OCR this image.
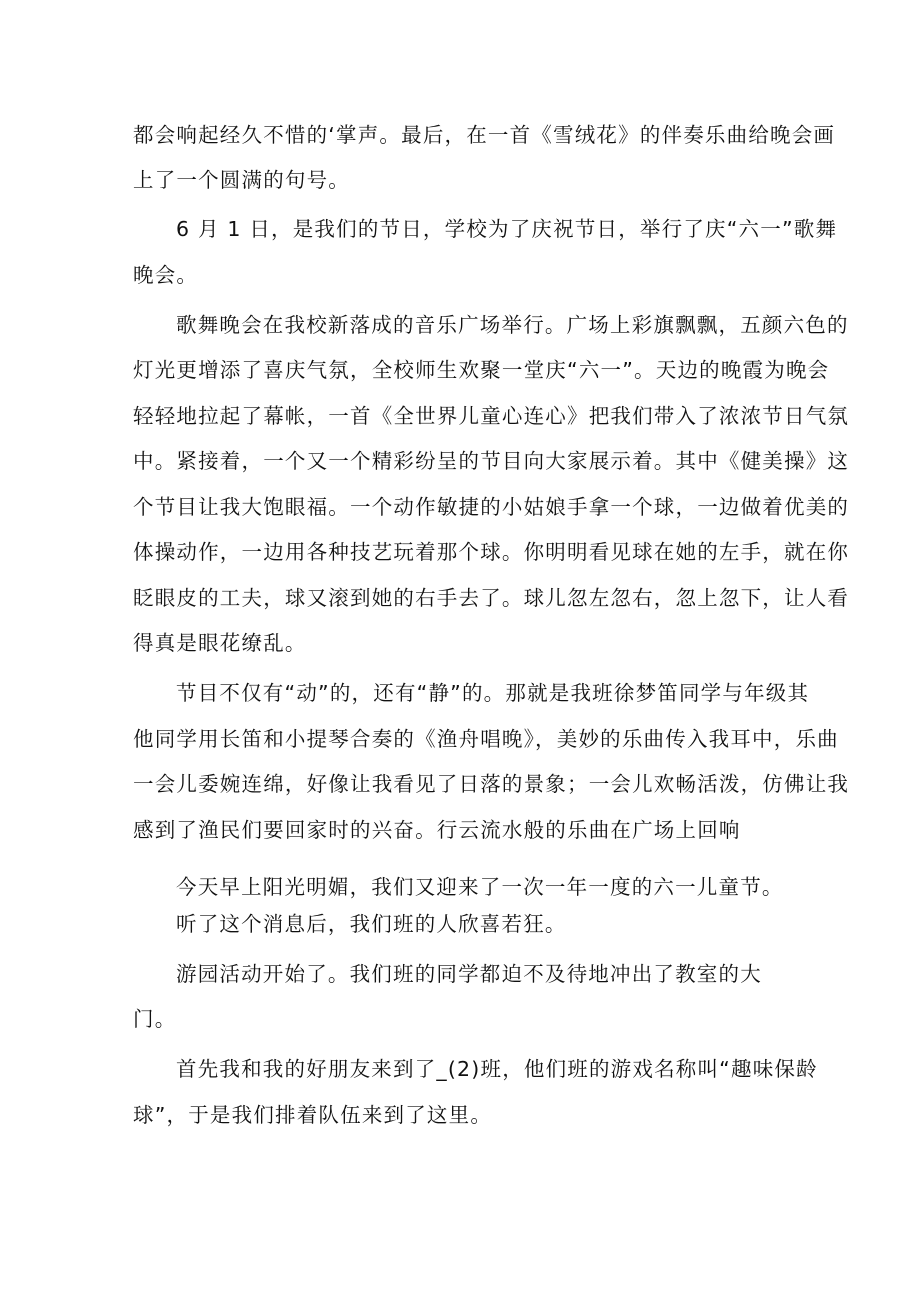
都会响起经久不惜的‘掌声。最后，在一首《雪绒花》的伴奏乐曲给晚会画
上了一个圆满的句号。
6 月 1 日，是我们的节日，学校为了庆祝节日，举行了庆“六一”歌舞
晚会。
歌舞晚会在我校新落成的音乐广场举行。广场上彩旗飘飘，五颜六色的
灯光更增添了喜庆气氛，全校师生欢聚一堂庆“六一”。天边的晚霞为晚会
轻轻地拉起了幕帐，一首《全世界儿童心连心》把我们带入了浓浓节日气氛
中。紧接着，一个又一个精彩纷呈的节目向大家展示着。其中《健美操》这
个节目让我大饱眼福。一个动作敏捷的小姑娘手拿一个球，一边做着优美的
体操动作，一边用各种技艺玩着那个球。你明明看见球在她的左手，就在你
眨眼皮的工夫，球又滚到她的右手去了。球儿忽左忽右，忽上忽下，让人看
得真是眼花缭乱。
节目不仅有“动”的，还有“静”的。那就是我班徐梦笛同学与年级其
他同学用长笛和小提琴合奏的《渔舟唱晚》，美妙的乐曲传入我耳中，乐曲
一会儿委婉连绵，好像让我看见了日落的景象；一会儿欢畅活泼，仿佛让我
感到了渔民们要回家时的兴奋。行云流水般的乐曲在广场上回响
今天早上阳光明媚，我们又迎来了一次一年一度的六一儿童节。
听了这个消息后，我们班的人欣喜若狂。
游园活动开始了。我们班的同学都迫不及待地冲出了教室的大
门。
首先我和我的好朋友来到了_(2)班，他们班的游戏名称叫“趣味保龄
球”，于是我们排着队伍来到了这里。
